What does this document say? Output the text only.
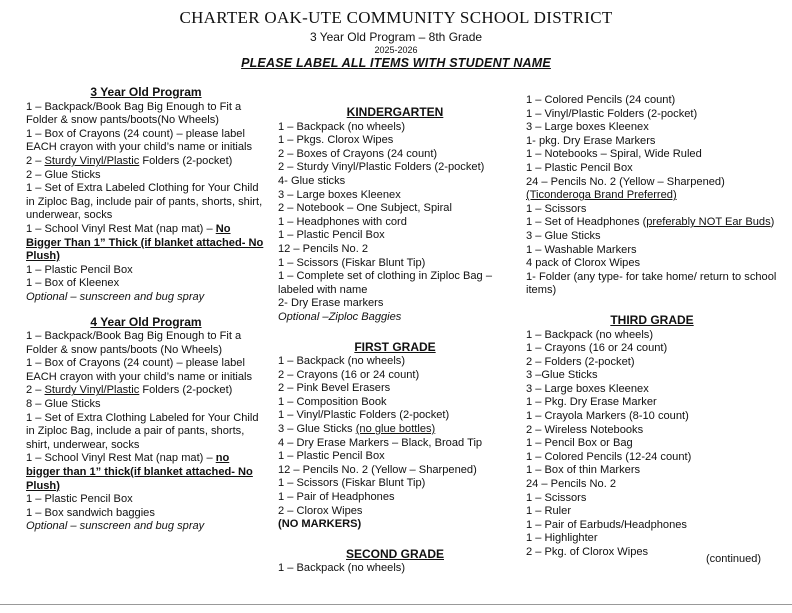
CHARTER OAK-UTE COMMUNITY SCHOOL DISTRICT
3 Year Old Program – 8th Grade
2025-2026
PLEASE LABEL ALL ITEMS WITH STUDENT NAME
3 Year Old Program
1 – Backpack/Book Bag Big Enough to Fit a Folder & snow pants/boots(No Wheels)
1 – Box of Crayons (24 count) – please label EACH crayon with your child’s name or initials
2 – Sturdy Vinyl/Plastic Folders (2-pocket)
2 – Glue Sticks
1 – Set of Extra Labeled Clothing for Your Child in Ziploc Bag, include pair of pants, shorts, shirt, underwear, socks
1 – School Vinyl Rest Mat (nap mat) – No Bigger Than 1” Thick (if blanket attached- No Plush)
1 – Plastic Pencil Box
1 – Box of Kleenex
Optional – sunscreen and bug spray
4 Year Old Program
1 – Backpack/Book Bag Big Enough to Fit a Folder & snow pants/boots (No Wheels)
1 – Box of Crayons (24 count) – please label EACH crayon with your child’s name or initials
2 – Sturdy Vinyl/Plastic Folders (2-pocket)
8 – Glue Sticks
1 – Set of Extra Clothing Labeled for Your Child in Ziploc Bag, include a pair of pants, shorts, shirt, underwear, socks
1 – School Vinyl Rest Mat (nap mat) – no bigger than 1” thick(if blanket attached- No Plush)
1 – Plastic Pencil Box
1 – Box sandwich baggies
Optional – sunscreen and bug spray
KINDERGARTEN
1 – Backpack (no wheels)
1 – Pkgs. Clorox Wipes
2 – Boxes of Crayons (24 count)
2 – Sturdy Vinyl/Plastic Folders (2-pocket)
4- Glue sticks
3 – Large boxes Kleenex
2 – Notebook – One Subject, Spiral
1 – Headphones with cord
1 – Plastic Pencil Box
12 – Pencils No. 2
1 – Scissors (Fiskar Blunt Tip)
1 – Complete set of clothing in Ziploc Bag – labeled with name
2- Dry Erase markers
Optional –Ziploc Baggies
FIRST GRADE
1 – Backpack (no wheels)
2 – Crayons (16 or 24 count)
2 – Pink Bevel Erasers
1 – Composition Book
1 – Vinyl/Plastic Folders (2-pocket)
3 – Glue Sticks (no glue bottles)
4 – Dry Erase Markers – Black, Broad Tip
1 – Plastic Pencil Box
12 – Pencils No. 2 (Yellow – Sharpened)
1 – Scissors (Fiskar Blunt Tip)
1 – Pair of Headphones
2 – Clorox Wipes
(NO MARKERS)
SECOND GRADE
1 – Backpack (no wheels)
1 – Colored Pencils (24 count)
1 – Vinyl/Plastic Folders (2-pocket)
3 – Large boxes Kleenex
1- pkg. Dry Erase Markers
1 – Notebooks – Spiral, Wide Ruled
1 – Plastic Pencil Box
24 – Pencils No. 2 (Yellow – Sharpened)
(Ticonderoga Brand Preferred)
1 – Scissors
1 – Set of Headphones (preferably NOT Ear Buds)
3 – Glue Sticks
1 – Washable Markers
4 pack of Clorox Wipes
1- Folder (any type- for take home/ return to school items)
THIRD GRADE
1 – Backpack (no wheels)
1 – Crayons (16 or 24 count)
2 – Folders (2-pocket)
3 –Glue Sticks
3 – Large boxes Kleenex
1 – Pkg. Dry Erase Marker
1 – Crayola Markers (8-10 count)
2 – Wireless Notebooks
1 – Pencil Box or Bag
1 – Colored Pencils (12-24 count)
1 – Box of thin Markers
24 – Pencils No. 2
1 – Scissors
1 – Ruler
1 – Pair of Earbuds/Headphones
1 – Highlighter
2 – Pkg. of Clorox Wipes
(continued)
